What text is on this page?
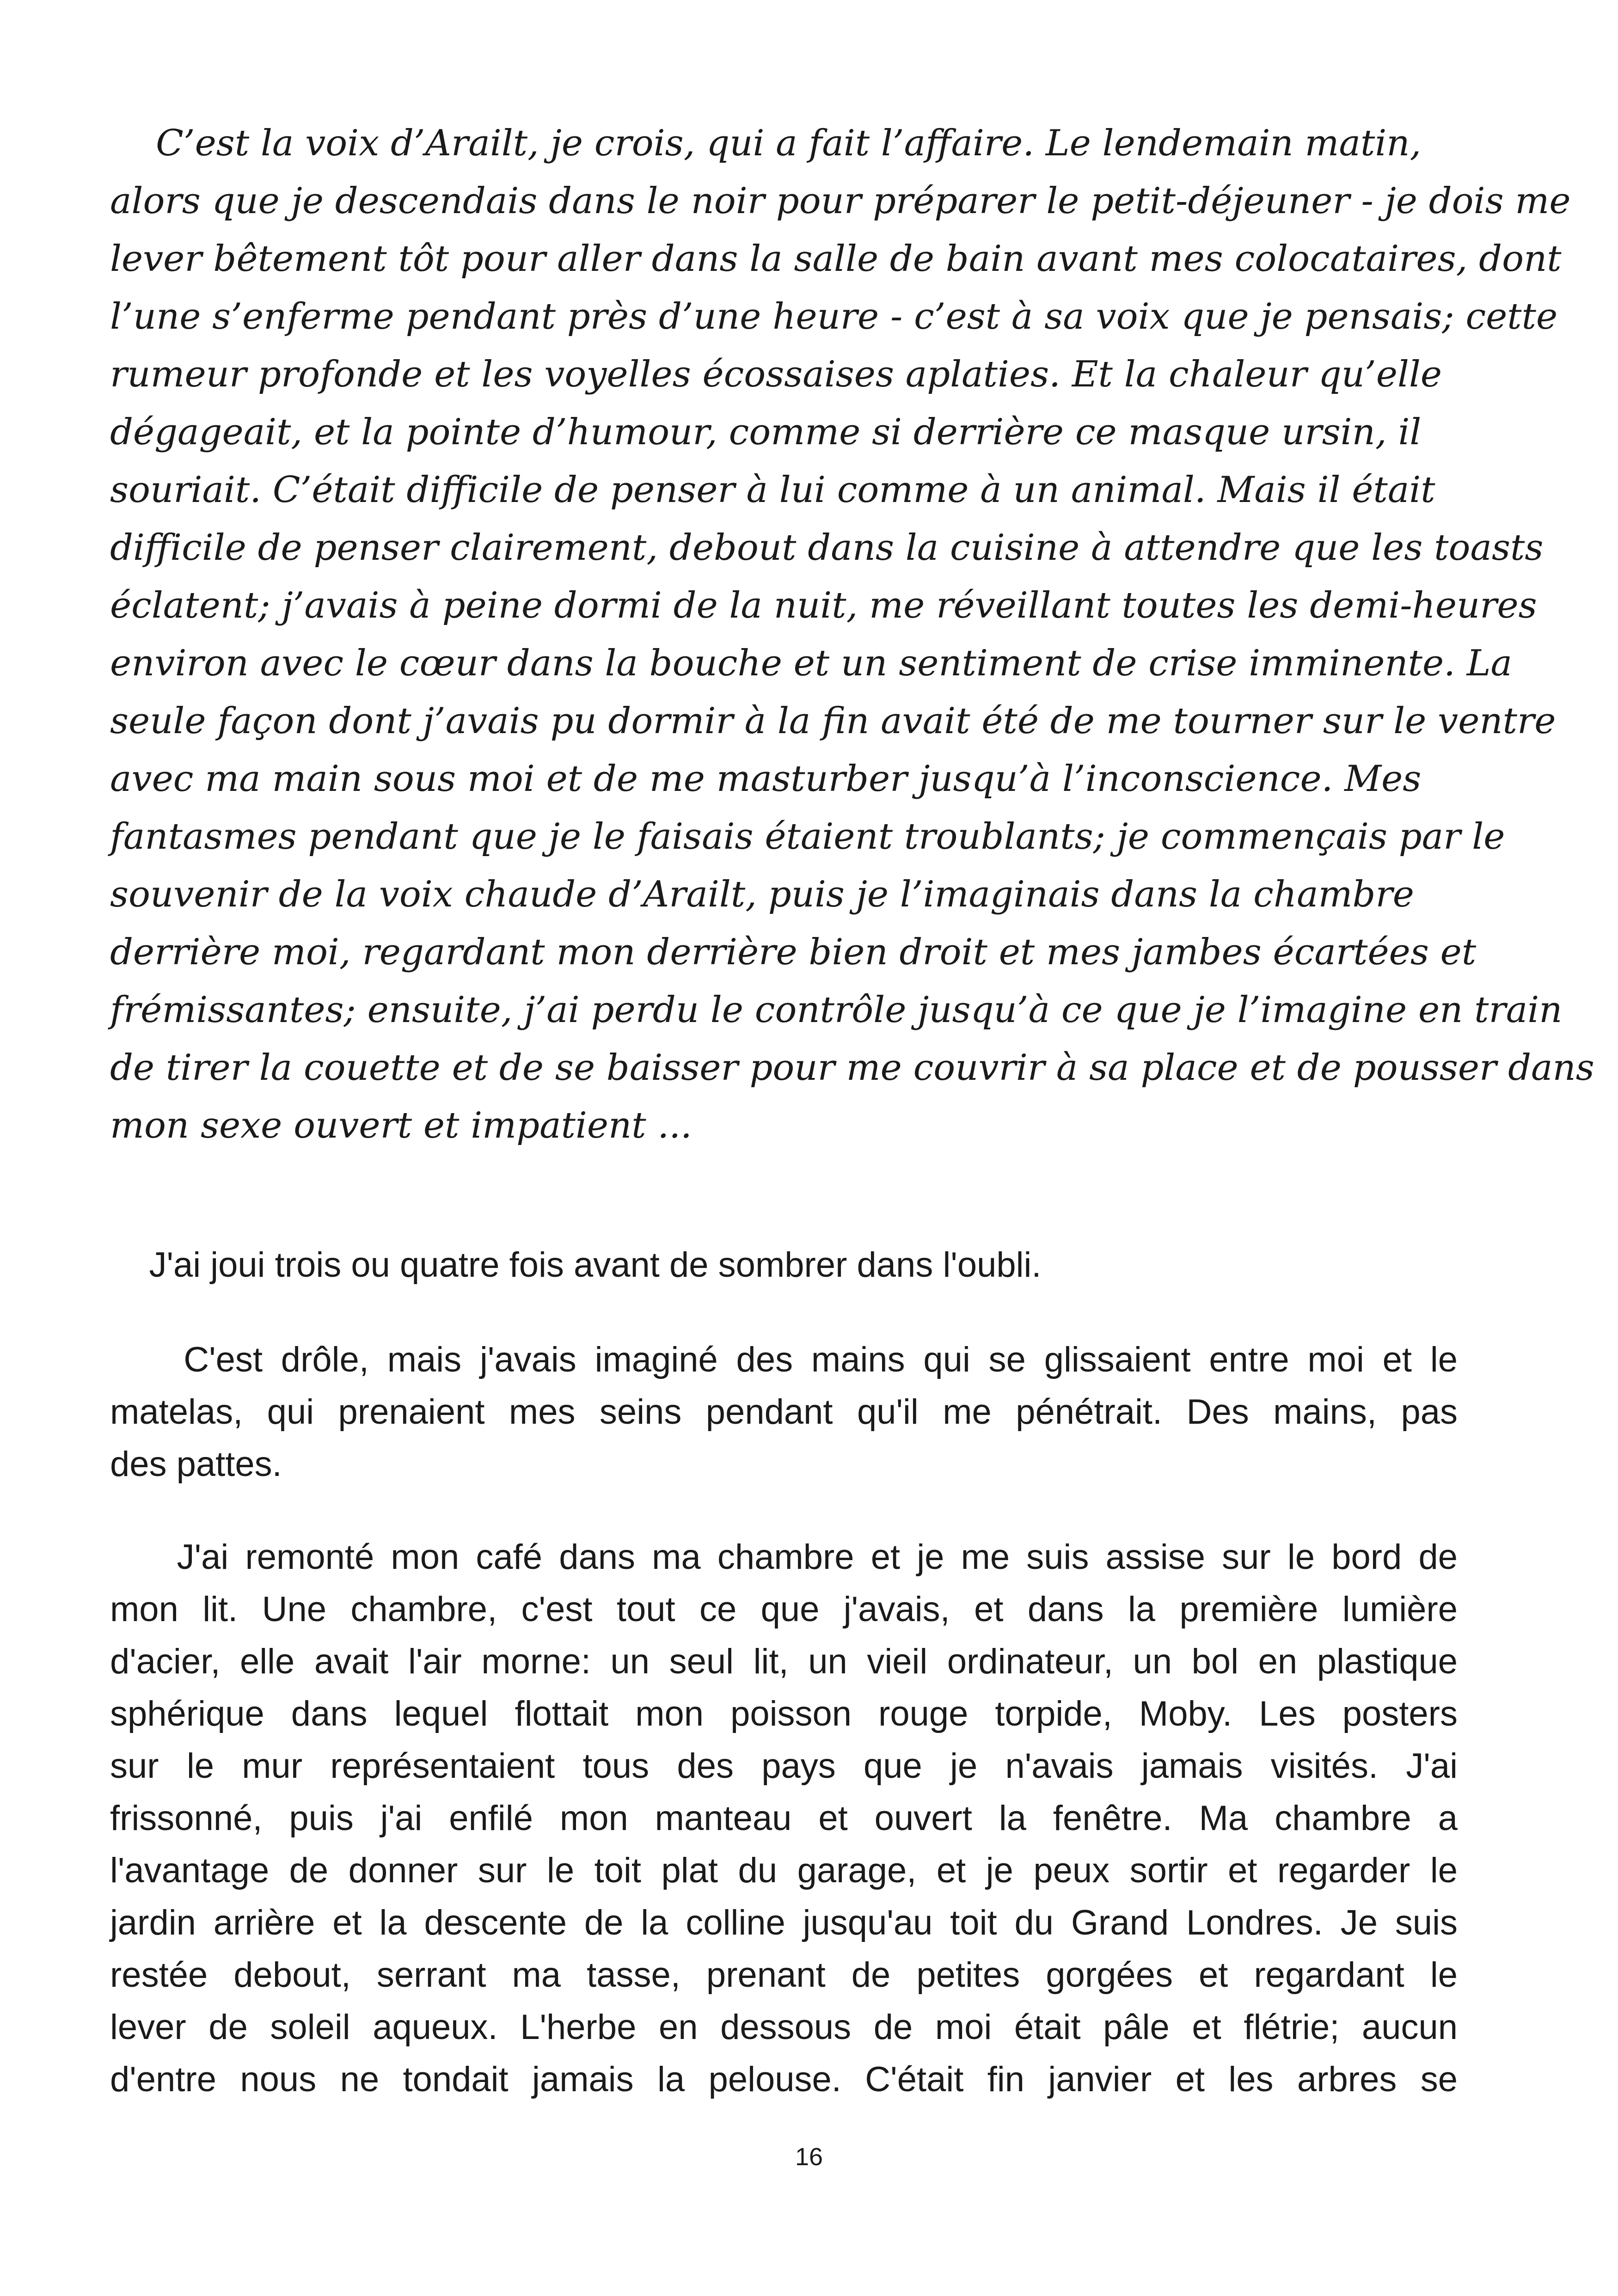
C’est la voix d’Arailt, je crois, qui a fait l’affaire. Le lendemain matin,
alors que je descendais dans le noir pour préparer le petit-déjeuner - je dois me
lever bêtement tôt pour aller dans la salle de bain avant mes colocataires, dont
l’une s’enferme pendant près d’une heure - c’est à sa voix que je pensais; cette
rumeur profonde et les voyelles écossaises aplaties. Et la chaleur qu’elle
dégageait, et la pointe d’humour, comme si derrière ce masque ursin, il
souriait. C’était difficile de penser à lui comme à un animal. Mais il était
difficile de penser clairement, debout dans la cuisine à attendre que les toasts
éclatent; j’avais à peine dormi de la nuit, me réveillant toutes les demi-heures
environ avec le cœur dans la bouche et un sentiment de crise imminente. La
seule façon dont j’avais pu dormir à la fin avait été de me tourner sur le ventre
avec ma main sous moi et de me masturber jusqu’à l’inconscience. Mes
fantasmes pendant que je le faisais étaient troublants; je commençais par le
souvenir de la voix chaude d’Arailt, puis je l’imaginais dans la chambre
derrière moi, regardant mon derrière bien droit et mes jambes écartées et
frémissantes; ensuite, j’ai perdu le contrôle jusqu’à ce que je l’imagine en train
de tirer la couette et de se baisser pour me couvrir à sa place et de pousser dans
mon sexe ouvert et impatient ...
J'ai joui trois ou quatre fois avant de sombrer dans l'oubli.
C'est drôle, mais j'avais imaginé des mains qui se glissaient entre moi et le
matelas, qui prenaient mes seins pendant qu'il me pénétrait. Des mains, pas
des pattes.
J'ai remonté mon café dans ma chambre et je me suis assise sur le bord de
mon lit. Une chambre, c'est tout ce que j'avais, et dans la première lumière
d'acier, elle avait l'air morne: un seul lit, un vieil ordinateur, un bol en plastique
sphérique dans lequel flottait mon poisson rouge torpide, Moby. Les posters
sur le mur représentaient tous des pays que je n'avais jamais visités. J'ai
frissonné, puis j'ai enfilé mon manteau et ouvert la fenêtre. Ma chambre a
l'avantage de donner sur le toit plat du garage, et je peux sortir et regarder le
jardin arrière et la descente de la colline jusqu'au toit du Grand Londres. Je suis
restée debout, serrant ma tasse, prenant de petites gorgées et regardant le
lever de soleil aqueux. L'herbe en dessous de moi était pâle et flétrie; aucun
d'entre nous ne tondait jamais la pelouse. C'était fin janvier et les arbres se
16
